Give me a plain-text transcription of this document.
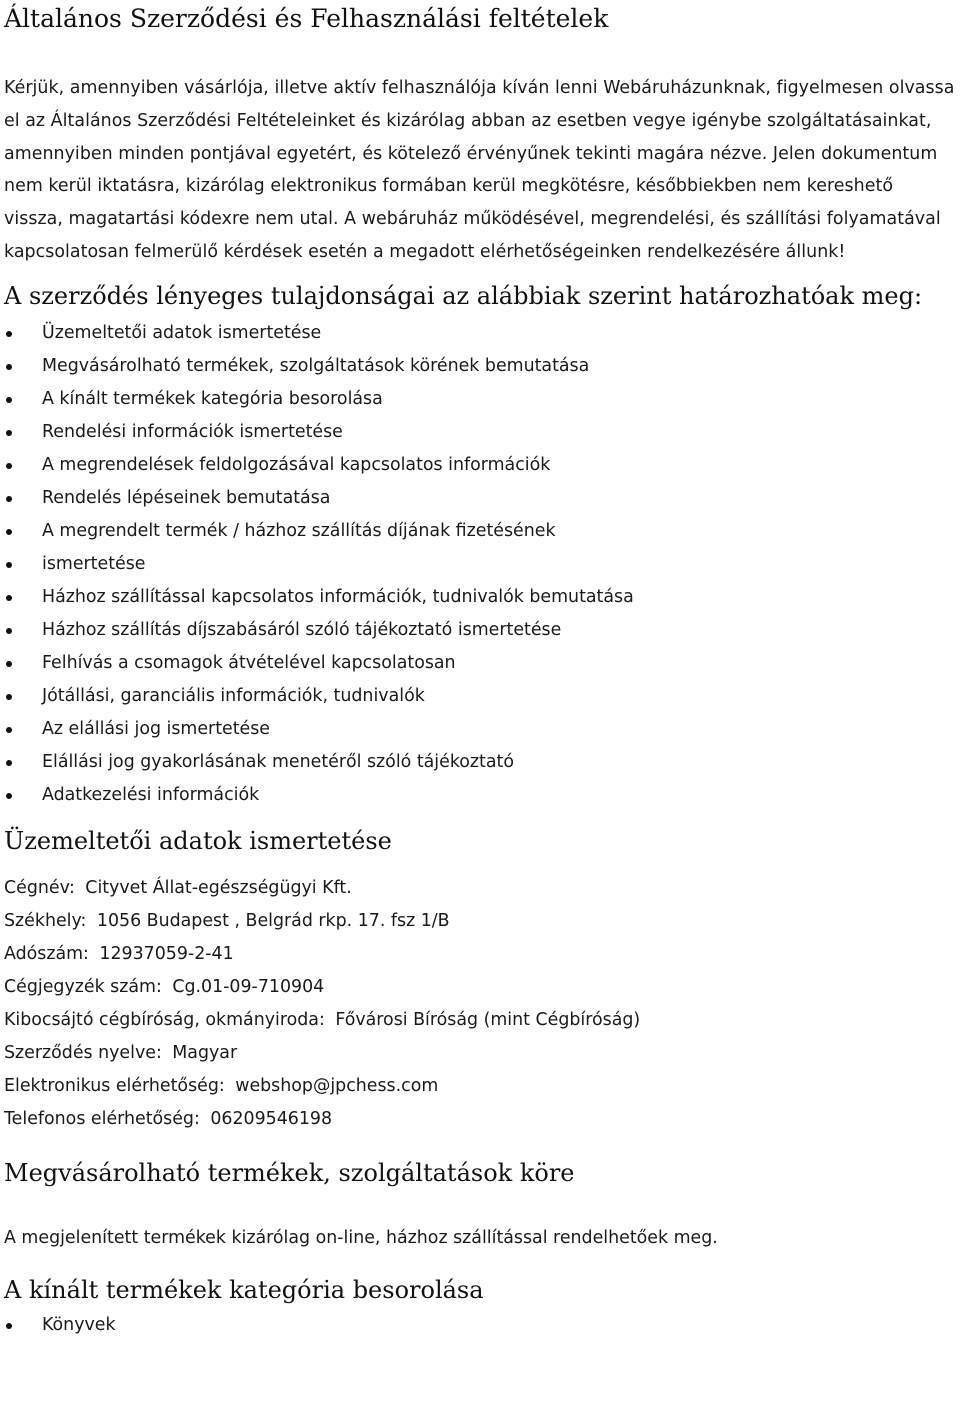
Általános Szerződési és Felhasználási feltételek

Kérjük, amennyiben vásárlója, illetve aktív felhasználója kíván lenni Webáruházunknak, figyelmesen olvassa el az Általános Szerződési Feltételeinket és kizárólag abban az esetben vegye igénybe szolgáltatásainkat, amennyiben minden pontjával egyetért, és kötelező érvényűnek tekinti magára nézve. Jelen dokumentum nem kerül iktatásra, kizárólag elektronikus formában kerül megkötésre, későbbiekben nem kereshető vissza, magatartási kódexre nem utal. A webáruház működésével, megrendelési, és szállítási folyamatával kapcsolatosan felmerülő kérdések esetén a megadott elérhetőségeinken rendelkezésére állunk!

A szerződés lényeges tulajdonságai az alábbiak szerint határozhatóak meg:
Üzemeltetői adatok ismertetése
Megvásárolható termékek, szolgáltatások körének bemutatása
A kínált termékek kategória besorolása
Rendelési információk ismertetése
A megrendelések feldolgozásával kapcsolatos információk
Rendelés lépéseinek bemutatása
A megrendelt termék / házhoz szállítás díjának fizetésének
ismertetése
Házhoz szállítással kapcsolatos információk, tudnivalók bemutatása
Házhoz szállítás díjszabásáról szóló tájékoztató ismertetése
Felhívás a csomagok átvételével kapcsolatosan
Jótállási, garanciális információk, tudnivalók
Az elállási jog ismertetése
Elállási jog gyakorlásának menetéről szóló tájékoztató
Adatkezelési információk
Üzemeltetői adatok ismertetése
Cégnév: Cityvet Állat-egészségügyi Kft.
Székhely: 1056 Budapest , Belgrád rkp. 17. fsz 1/B
Adószám: 12937059-2-41
Cégjegyzék szám: Cg.01-09-710904
Kibocsájtó cégbíróság, okmányiroda: Fővárosi Bíróság (mint Cégbíróság)
Szerződés nyelve: Magyar
Elektronikus elérhetőség: webshop@jpchess.com
Telefonos elérhetőség: 06209546198
Megvásárolható termékek, szolgáltatások köre

A megjelenített termékek kizárólag on-line, házhoz szállítással rendelhetőek meg.

A kínált termékek kategória besorolása
Könyvek
